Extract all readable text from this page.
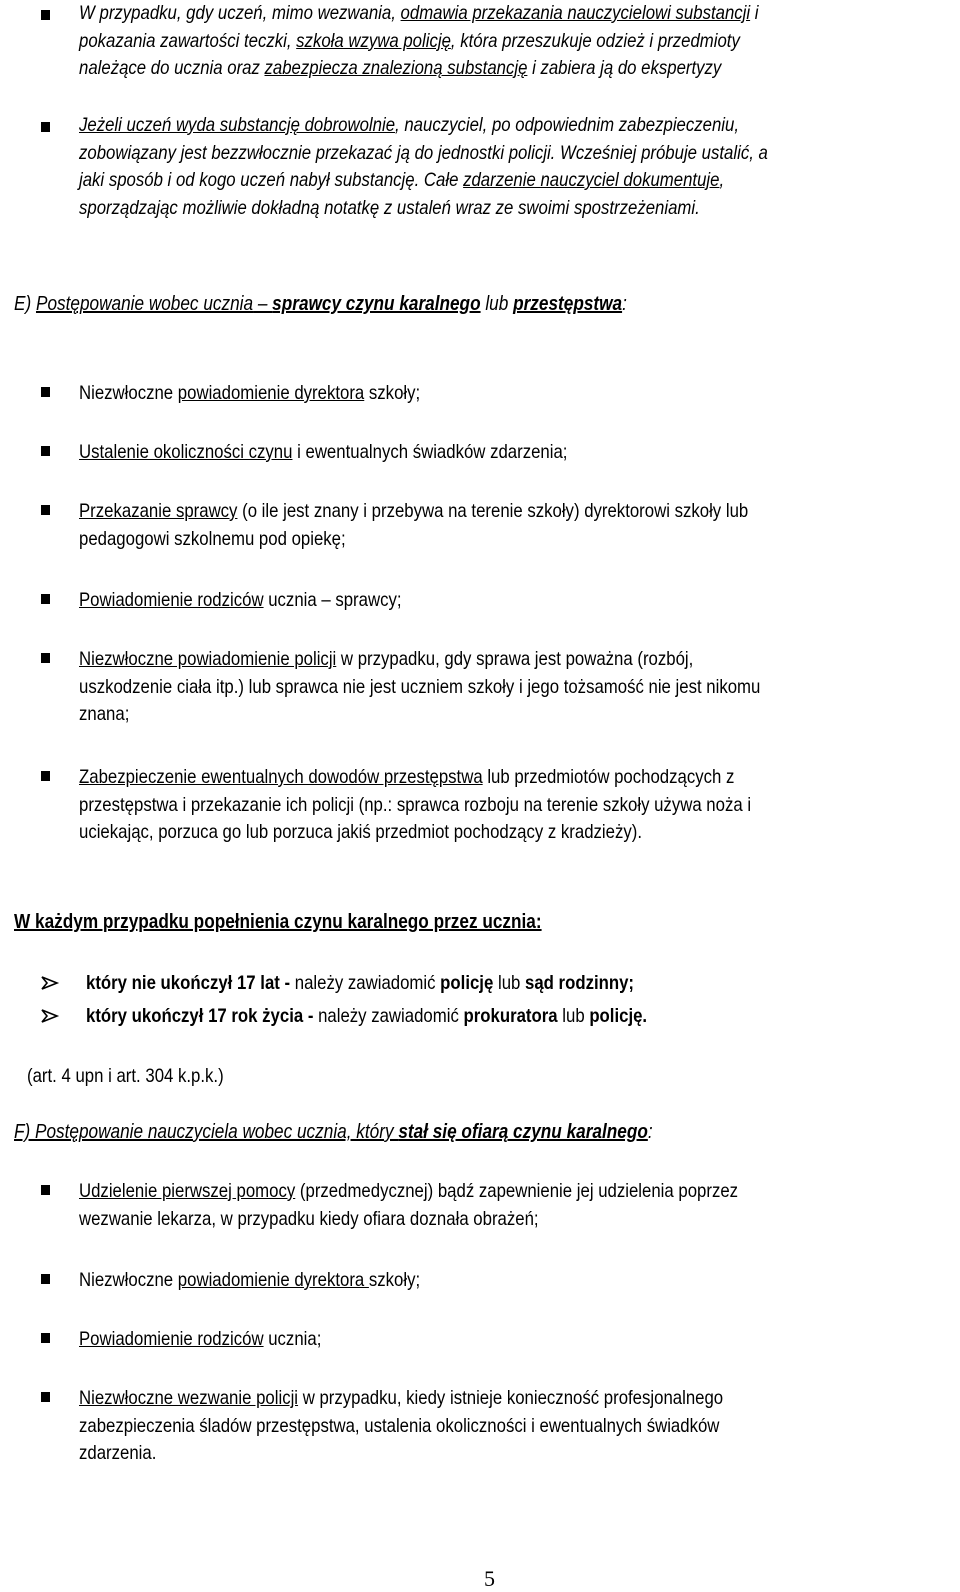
W przypadku, gdy uczeń, mimo wezwania, odmawia przekazania nauczycielowi substancji i
pokazania zawartości teczki, szkoła wzywa policję, która przeszukuje odzież i przedmioty
należące do ucznia oraz zabezpiecza znalezioną substancję i zabiera ją do ekspertyzy
Jeżeli uczeń wyda substancję dobrowolnie, nauczyciel, po odpowiednim zabezpieczeniu,
zobowiązany jest bezzwłocznie przekazać ją do jednostki policji. Wcześniej próbuje ustalić, a
jaki sposób i od kogo uczeń nabył substancję. Całe zdarzenie nauczyciel dokumentuje,
sporządzając możliwie dokładną notatkę z ustaleń wraz ze swoimi spostrzeżeniami.
E) Postępowanie wobec ucznia – sprawcy czynu karalnego lub przestępstwa:
Niezwłoczne powiadomienie dyrektora szkoły;
Ustalenie okoliczności czynu i ewentualnych świadków zdarzenia;
Przekazanie sprawcy (o ile jest znany i przebywa na terenie szkoły) dyrektorowi szkoły lub
pedagogowi szkolnemu pod opiekę;
Powiadomienie rodziców ucznia – sprawcy;
Niezwłoczne powiadomienie policji w przypadku, gdy sprawa jest poważna (rozbój,
uszkodzenie ciała itp.) lub sprawca nie jest uczniem szkoły i jego tożsamość nie jest nikomu
znana;
Zabezpieczenie ewentualnych dowodów przestępstwa lub przedmiotów pochodzących z
przestępstwa i przekazanie ich policji (np.: sprawca rozboju na terenie szkoły używa noża i
uciekając, porzuca go lub porzuca jakiś przedmiot pochodzący z kradzieży).
W każdym przypadku popełnienia czynu karalnego przez ucznia:
który nie ukończył 17 lat - należy zawiadomić policję lub sąd rodzinny;
który ukończył 17 rok życia - należy zawiadomić prokuratora lub policję.
(art. 4 upn i art. 304 k.p.k.)
F) Postępowanie nauczyciela wobec ucznia, który stał się ofiarą czynu karalnego:
Udzielenie pierwszej pomocy (przedmedycznej) bądź zapewnienie jej udzielenia poprzez
wezwanie lekarza, w przypadku kiedy ofiara doznała obrażeń;
Niezwłoczne powiadomienie dyrektora szkoły;
Powiadomienie rodziców ucznia;
Niezwłoczne wezwanie policji w przypadku, kiedy istnieje konieczność profesjonalnego
zabezpieczenia śladów przestępstwa, ustalenia okoliczności i ewentualnych świadków
zdarzenia.
5
